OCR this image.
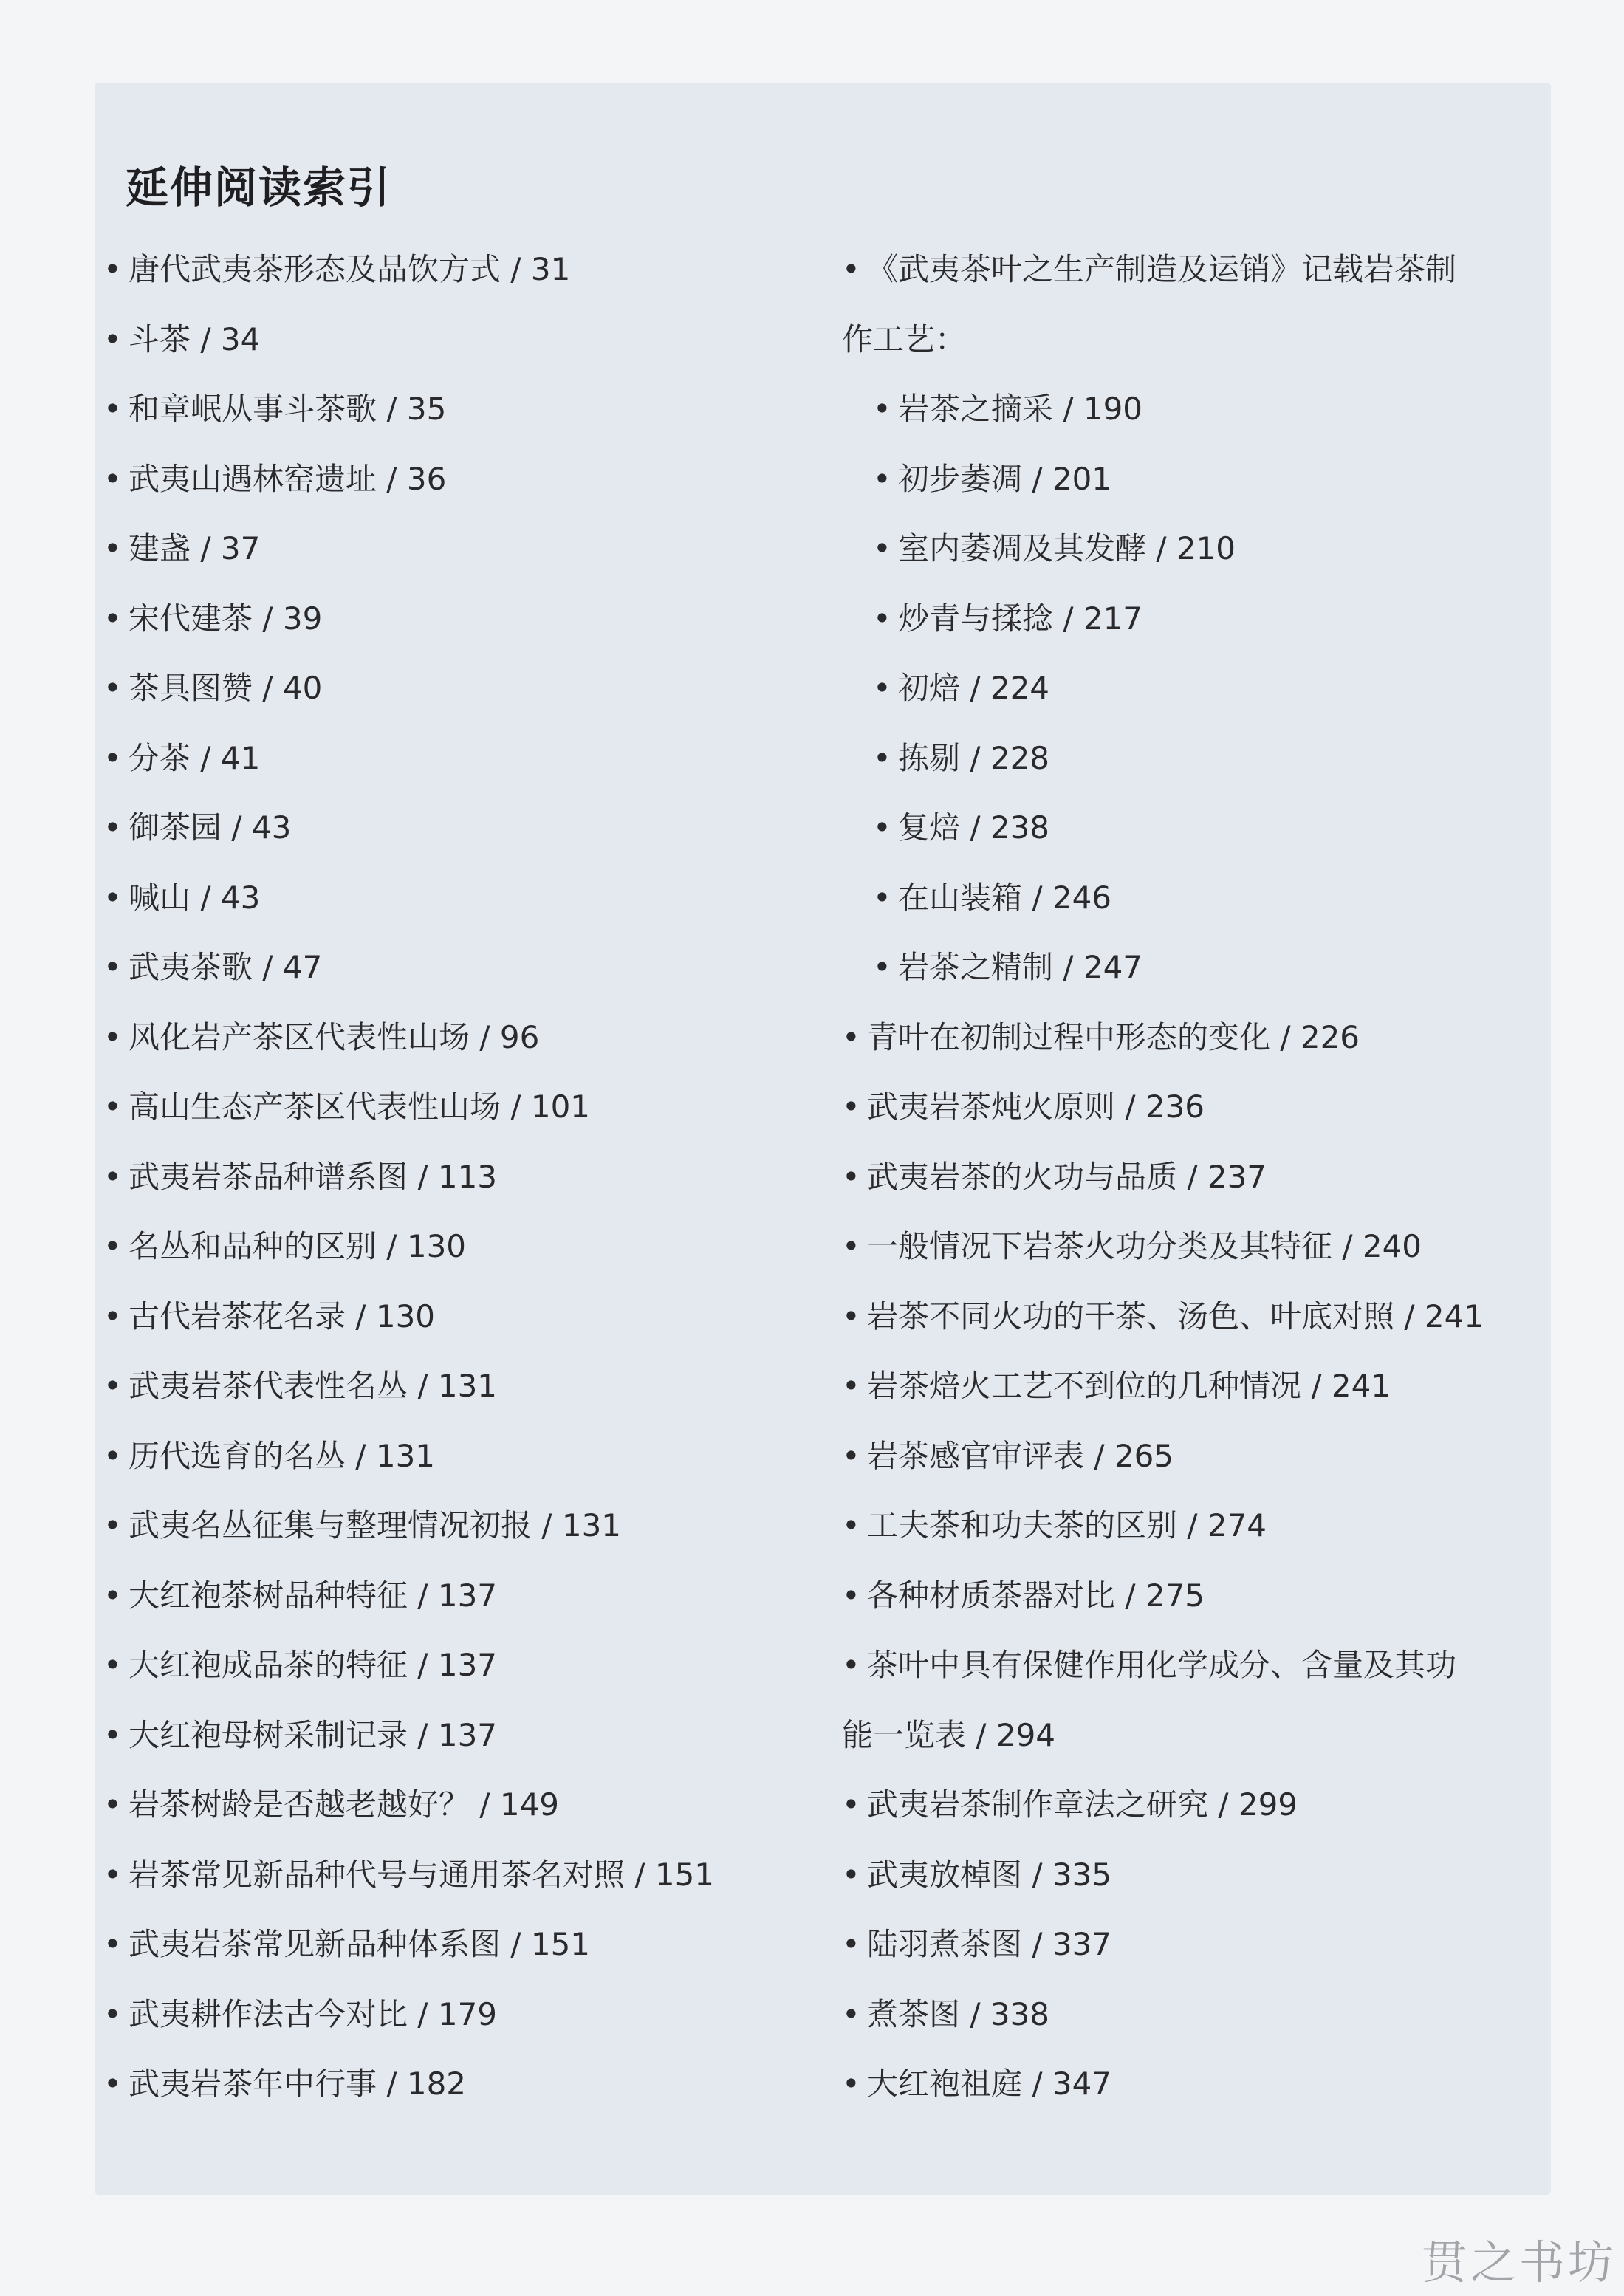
延伸阅读索引
• 唐代武夷茶形态及品饮方式 / 31
• 斗茶 / 34
• 和章岷从事斗茶歌 / 35
• 武夷山遇林窑遗址 / 36
• 建盏 / 37
• 宋代建茶 / 39
• 茶具图赞 / 40
• 分茶 / 41
• 御茶园 / 43
• 喊山 / 43
• 武夷茶歌 / 47
• 风化岩产茶区代表性山场 / 96
• 高山生态产茶区代表性山场 / 101
• 武夷岩茶品种谱系图 / 113
• 名丛和品种的区别 / 130
• 古代岩茶花名录 / 130
• 武夷岩茶代表性名丛 / 131
• 历代选育的名丛 / 131
• 武夷名丛征集与整理情况初报 / 131
• 大红袍茶树品种特征 / 137
• 大红袍成品茶的特征 / 137
• 大红袍母树采制记录 / 137
• 岩茶树龄是否越老越好？ / 149
• 岩茶常见新品种代号与通用茶名对照 / 151
• 武夷岩茶常见新品种体系图 / 151
• 武夷耕作法古今对比 / 179
• 武夷岩茶年中行事 / 182
• 《武夷茶叶之生产制造及运销》记载岩茶制
作工艺：
• 岩茶之摘采 / 190
• 初步萎凋 / 201
• 室内萎凋及其发酵 / 210
• 炒青与揉捻 / 217
• 初焙 / 224
• 拣剔 / 228
• 复焙 / 238
• 在山装箱 / 246
• 岩茶之精制 / 247
• 青叶在初制过程中形态的变化 / 226
• 武夷岩茶炖火原则 / 236
• 武夷岩茶的火功与品质 / 237
• 一般情况下岩茶火功分类及其特征 / 240
• 岩茶不同火功的干茶、汤色、叶底对照 / 241
• 岩茶焙火工艺不到位的几种情况 / 241
• 岩茶感官审评表 / 265
• 工夫茶和功夫茶的区别 / 274
• 各种材质茶器对比 / 275
• 茶叶中具有保健作用化学成分、含量及其功
能一览表 / 294
• 武夷岩茶制作章法之研究 / 299
• 武夷放棹图 / 335
• 陆羽煮茶图 / 337
• 煮茶图 / 338
• 大红袍祖庭 / 347
贯之书坊
